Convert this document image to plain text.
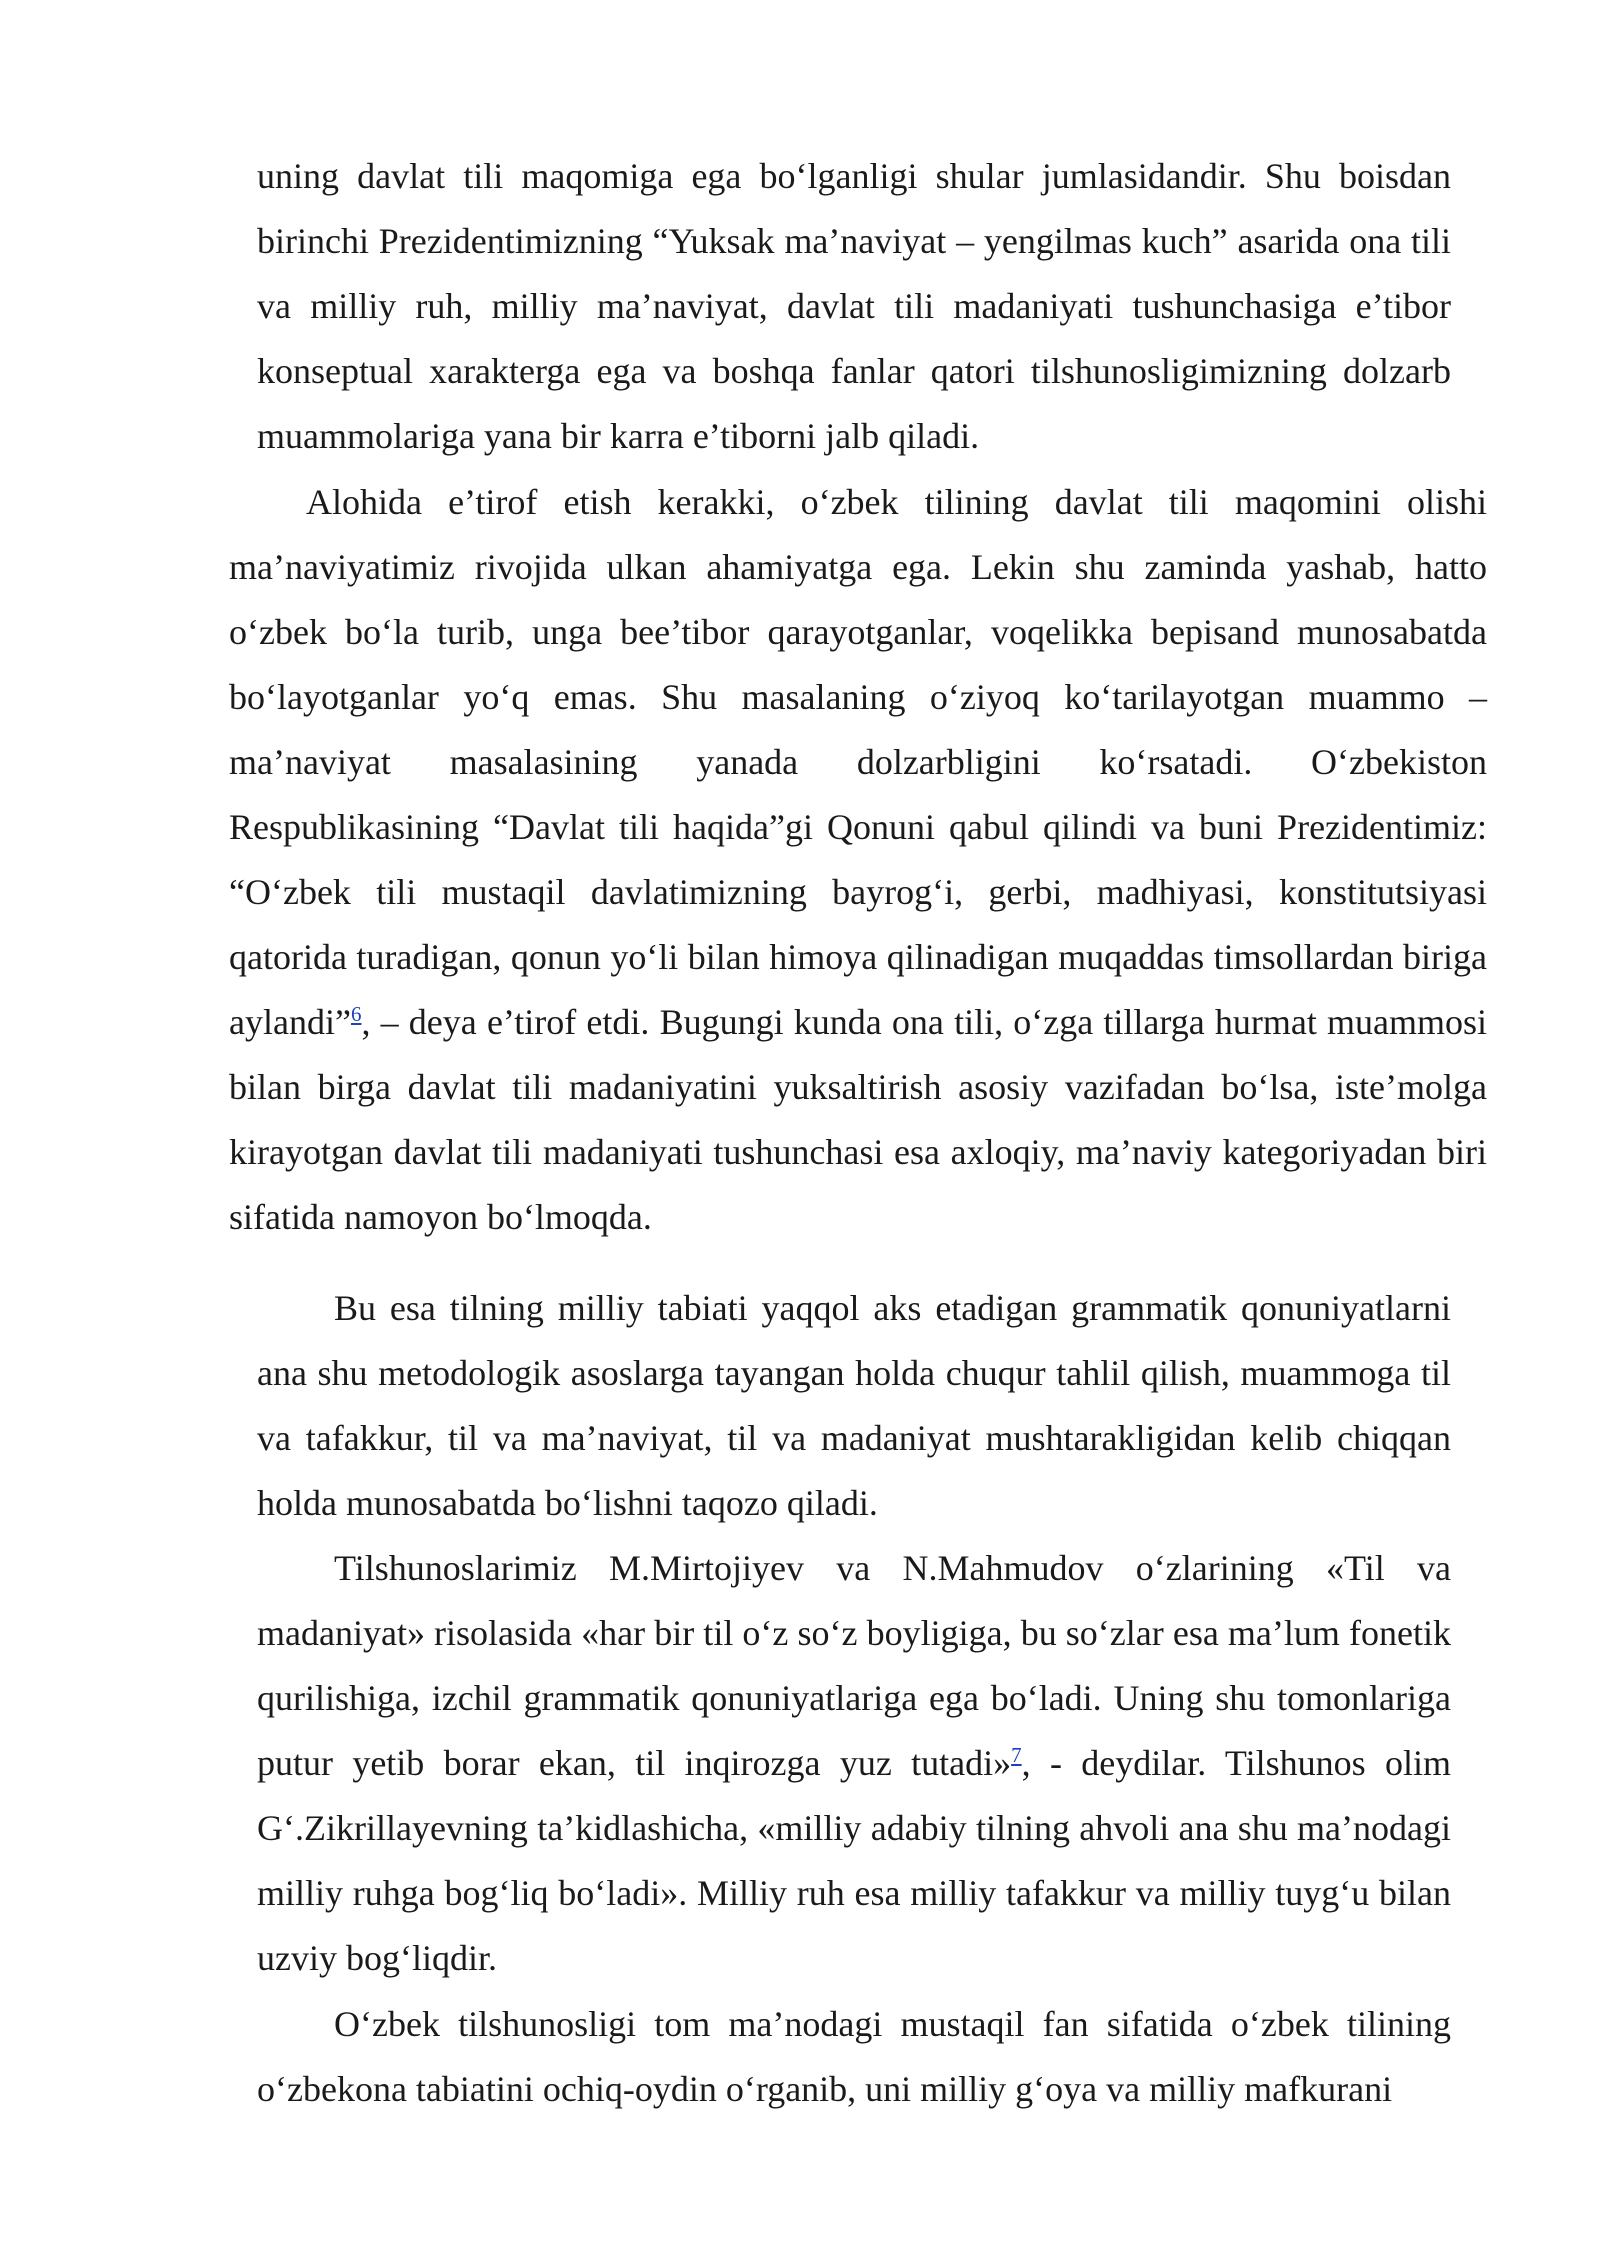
uning davlat tili maqomiga ega bo‘lganligi shular jumlasidandir. Shu boisdan birinchi Prezidentimizning “Yuksak ma’naviyat – yengilmas kuch” asarida ona tili va milliy ruh, milliy ma’naviyat, davlat tili madaniyati tushunchasiga e’tibor konseptual xarakterga ega va boshqa fanlar qatori tilshunosligimizning dolzarb muammolariga yana bir karra e’tiborni jalb qiladi.

Alohida e’tirof etish kerakki, o‘zbek tilining davlat tili maqomini olishi ma’naviyatimiz rivojida ulkan ahamiyatga ega. Lekin shu zaminda yashab, hatto o‘zbek bo‘la turib, unga bee’tibor qarayotganlar, voqelikka bepisand munosabatda bo‘layotganlar yo‘q emas. Shu masalaning o‘ziyoq ko‘tarilayotgan muammo – ma’naviyat masalasining yanada dolzarbligini ko‘rsatadi. O‘zbekiston Respublikasining “Davlat tili haqida”gi Qonuni qabul qilindi va buni Prezidentimiz: “O‘zbek tili mustaqil davlatimizning bayrog‘i, gerbi, madhiyasi, konstitutsiyasi qatorida turadigan, qonun yo‘li bilan himoya qilinadigan muqaddas timsollardan biriga aylandi”$^6$, – deya e’tirof etdi. Bugungi kunda ona tili, o‘zga tillarga hurmat muammosi bilan birga davlat tili madaniyatini yuksaltirish asosiy vazifadan bo‘lsa, iste’molga kirayotgan davlat tili madaniyati tushunchasi esa axloqiy, ma’naviy kategoriyadan biri sifatida namoyon bo‘lmoqda.

Bu esa tilning milliy tabiati yaqqol aks etadigan grammatik qonuniyatlarni ana shu metodologik asoslarga tayangan holda chuqur tahlil qilish, muammoga til va tafakkur, til va ma’naviyat, til va madaniyat mushtarakligidan kelib chiqqan holda munosabatda bo‘lishni taqozo qiladi.

Tilshunoslarimiz M.Mirtojiyev va N.Mahmudov o‘zlarining «Til va madaniyat» risolasida «har bir til o‘z so‘z boyligiga, bu so‘zlar esa ma’lum fonetik qurilishiga, izchil grammatik qonuniyatlariga ega bo‘ladi. Uning shu tomonlariga putur yetib borar ekan, til inqirozga yuz tutadi»$^7$, - deydilar. Tilshunos olim G‘.Zikrillayevning ta’kidlashicha, «milliy adabiy tilning ahvoli ana shu ma’nodagi milliy ruhga bog‘liq bo‘ladi». Milliy ruh esa milliy tafakkur va milliy tuyg‘u bilan uzviy bog‘liqdir.

O‘zbek tilshunosligi tom ma’nodagi mustaqil fan sifatida o‘zbek tilining o‘zbekona tabiatini ochiq-oydin o‘rganib, uni milliy g‘oya va milliy mafkurani
